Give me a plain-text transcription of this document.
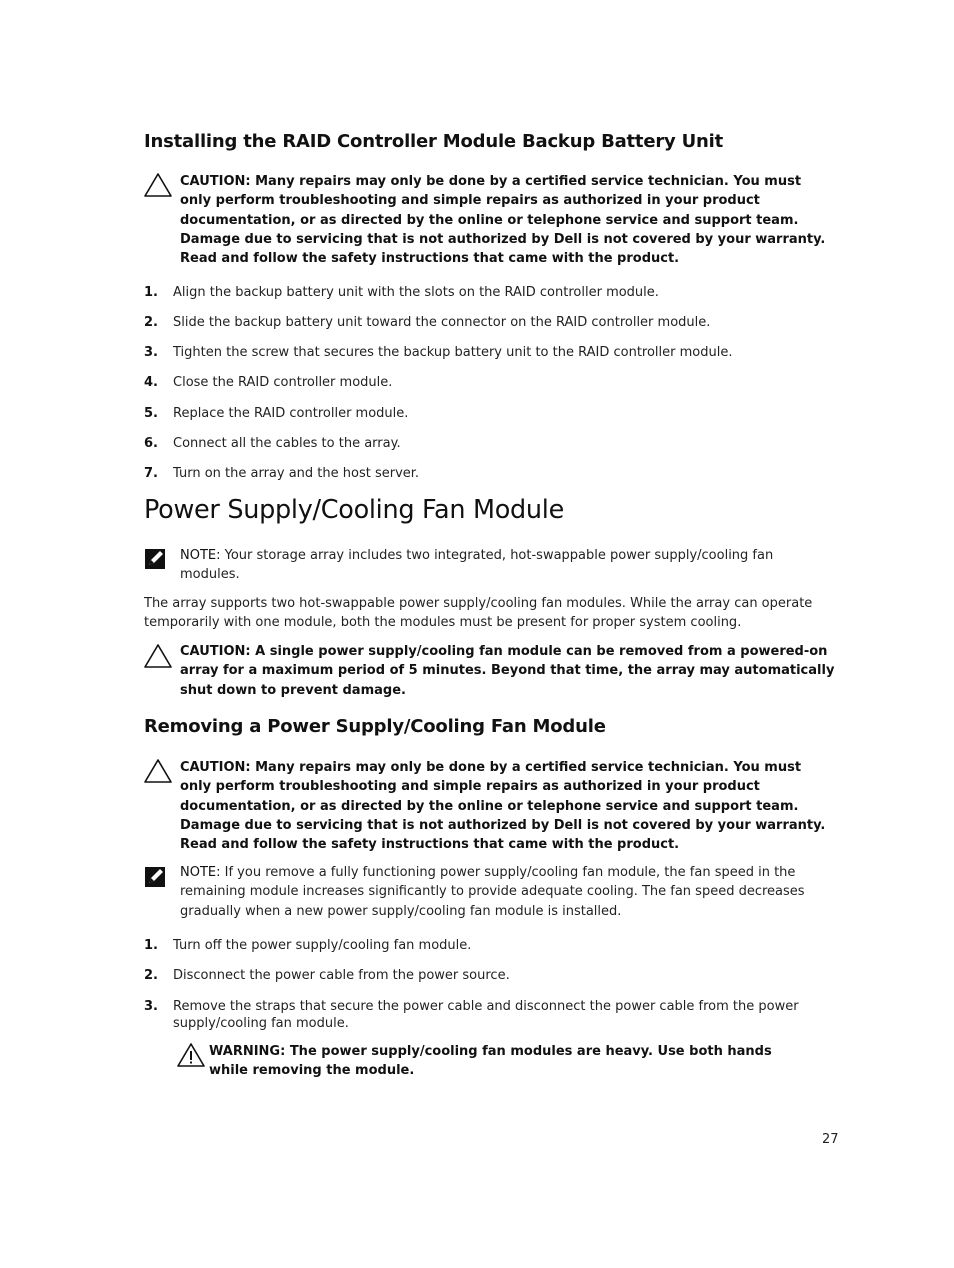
Installing the RAID Controller Module Backup Battery Unit
CAUTION: Many repairs may only be done by a certified service technician. You must only perform troubleshooting and simple repairs as authorized in your product documentation, or as directed by the online or telephone service and support team. Damage due to servicing that is not authorized by Dell is not covered by your warranty. Read and follow the safety instructions that came with the product.
1. Align the backup battery unit with the slots on the RAID controller module.
2. Slide the backup battery unit toward the connector on the RAID controller module.
3. Tighten the screw that secures the backup battery unit to the RAID controller module.
4. Close the RAID controller module.
5. Replace the RAID controller module.
6. Connect all the cables to the array.
7. Turn on the array and the host server.
Power Supply/Cooling Fan Module
NOTE: Your storage array includes two integrated, hot-swappable power supply/cooling fan modules.
The array supports two hot-swappable power supply/cooling fan modules. While the array can operate temporarily with one module, both the modules must be present for proper system cooling.
CAUTION: A single power supply/cooling fan module can be removed from a powered-on array for a maximum period of 5 minutes. Beyond that time, the array may automatically shut down to prevent damage.
Removing a Power Supply/Cooling Fan Module
CAUTION: Many repairs may only be done by a certified service technician. You must only perform troubleshooting and simple repairs as authorized in your product documentation, or as directed by the online or telephone service and support team. Damage due to servicing that is not authorized by Dell is not covered by your warranty. Read and follow the safety instructions that came with the product.
NOTE: If you remove a fully functioning power supply/cooling fan module, the fan speed in the remaining module increases significantly to provide adequate cooling. The fan speed decreases gradually when a new power supply/cooling fan module is installed.
1. Turn off the power supply/cooling fan module.
2. Disconnect the power cable from the power source.
3. Remove the straps that secure the power cable and disconnect the power cable from the power supply/cooling fan module.
WARNING: The power supply/cooling fan modules are heavy. Use both hands while removing the module.
27
